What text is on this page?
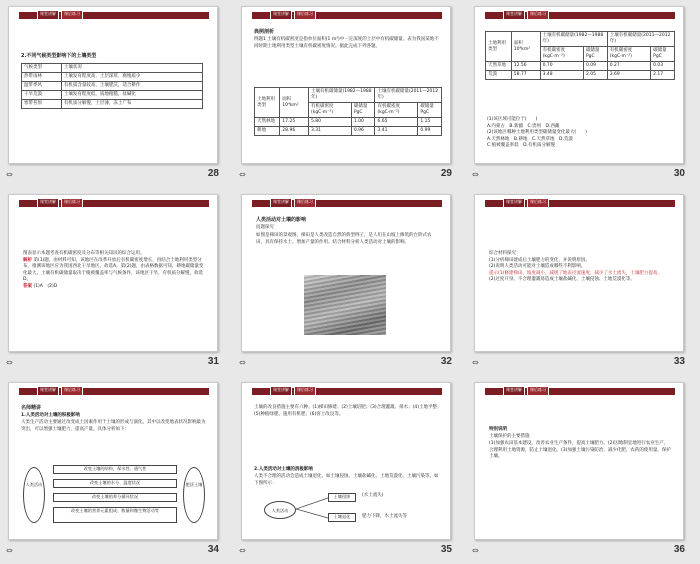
课堂讲解 课后练习
2.不同气候类型影响下的土壤类型
气候类型	土壤状况
热带雨林	土壤发育程度高，土层深厚，腐殖质少
温带季风	有机质含量较高，土壤肥沃，适合耕作
干旱荒漠	土壤发育程度低，质地粗糙，盐碱化
寒带苔原	有机质分解慢，土层薄，冻土广布
⇔	28
课堂讲解 课后练习
典例剖析
例题1 土壤有机碳密度是指单位面积(1 m²)中一定深度的土层中有机碳储量。表为我国某地不同时期土地利用类型土壤有机碳密度情况。据此完成下列各题。
土地利用类型	面积 10⁴km²	土壤有机碳储量(1982—1988年)		土壤有机碳储量(2011—2012年)	
		有机碳密度(kgC·m⁻²)	碳储量PgC	有机碳密度(kgC·m⁻²)	碳储量PgC
天然林地	17.25	5.80	1.00	6.65	1.15
耕地	28.96	3.31	0.96	3.41	0.99
⇔	29
课堂讲解 课后练习
土地利用类型	面积 10⁴km²	土壤有机碳储量(1982—1988年)		土壤有机碳储量(2011—2012年)	
		有机碳密度(kgC·m⁻²)	碳储量PgC	有机碳密度(kgC·m⁻²)	碳储量PgC
天然草地	12.56	0.70	0.09	0.27	0.03
荒漠	58.77	3.48	2.05	3.69	2.17
(1)该区域可能位于(　　)
A.内蒙古　B.新疆　C.贵州　D.西藏
(2)该地区哪种土地利用类型碳储量变化最大(　　)
A.天然林地　B.耕地　C.天然草地　D.荒漠
C.植被覆盖率低　D.有机质分解慢
⇔	30
课堂讲解 课后练习
图表显示本题考查有机碳密度及分布等相关知识的综合运用。
解析 第(1)题，由材料可知，该地区在改革开放后有机碳密度增长，再结合土地利用类型分布，推测该地区应为我国西北干旱地区，故选A。第(2)题，由表格数据可知，耕地碳储量变化最大。土壤有机碳储量取决于植被覆盖率与气候条件，该地区干旱，有机质分解慢，故选D。
答案 (1)A　(2)D
⇔	31
课堂讲解 课后练习
人类活动对土壤的影响
问题探究
如图是梯田的景观图。梯田是人类改造自然的典型例子，是人们在山坡上修筑的台阶式农田，具有保持水土、增加产量的作用。结合材料分析人类活动对土壤的影响。
⇔	32
课堂讲解 课后练习
综合材料探究：
(1)分析梯田建成后土壤肥力的变化，并说明原因。
(2)说明人类活动可能对土壤造成哪些不利影响。
提示(1)修建梯田，坡度减小，减缓了地表径流速度，减少了水土流失，土壤肥力提高。
(2)过度开垦、不合理灌溉易造成土壤盐碱化、土壤侵蚀、土地荒漠化等。
⇔	33
课堂讲解 课后练习
名师精讲
1.人类活动对土壤的积极影响
人类生产活动主要通过改变成土因素作用于土壤的形成与演化。其中以改变地表状况影响最为突出，可以增强土壤肥力，提高产量。具体分析如下：
人类活动
改变土壤的结构、保水性、通气性
改变土壤的水分、温度状况
改变土壤的养分循环状况
改变土壤的营养元素组成、数量和微生物活动等
肥沃土壤
⇔	34
课堂讲解 课后练习
土壤的改良措施主要有六种。(1)梯田修建；(2)土壤培肥；(3)合理灌溉、排水；(4)土地平整；(5)种植绿肥、施用有机肥；(6)客土改良等。
2.人类活动对土壤的消极影响
人类不合理的活动会造成土壤退化，如土壤侵蚀、土壤盐碱化、土地荒漠化、土壤污染等。如下图所示：
人类活动
土壤侵蚀
土壤退化
(水土流失)
肥力下降，水土流失等
⇔	35
课堂讲解 课后练习
特别说明
土壤保护的主要措施
(1)加强农田基本建设，改善农业生产条件，提高土壤肥力。(2)因地制宜地进行农业生产，合理利用土地资源，防止土壤退化。(3)加强土壤污染防治，减少化肥、农药的使用量，保护土壤。
⇔	36
